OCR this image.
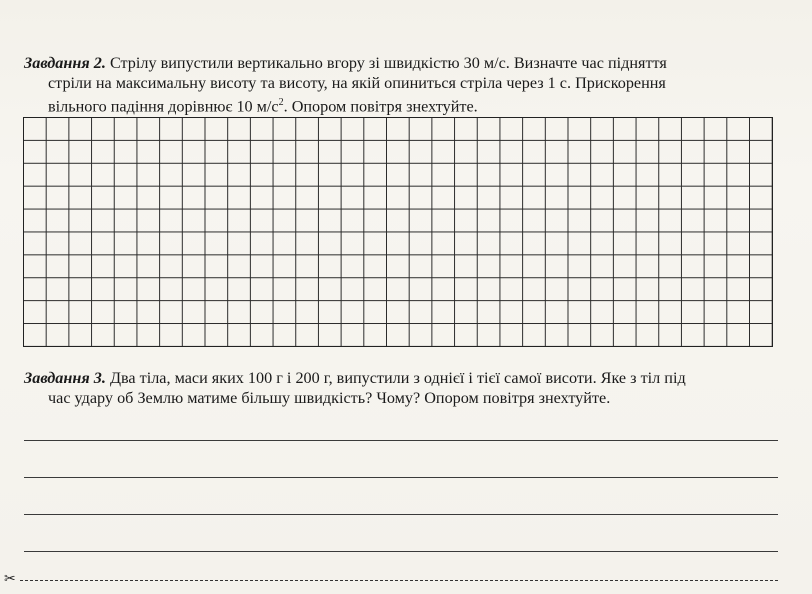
Завдання 2. Стрілу випустили вертикально вгору зі швидкістю 30 м/с. Визначте час підняття
стріли на максимальну висоту та висоту, на якій опиниться стріла через 1 с. Прискорення
вільного падіння дорівнює 10 $м/с^2$. Опором повітря знехтуйте.
Завдання 3. Два тіла, маси яких 100 г і 200 г, випустили з однієї і тієї самої висоти. Яке з тіл під
час удару об Землю матиме більшу швидкість? Чому? Опором повітря знехтуйте.
✂
